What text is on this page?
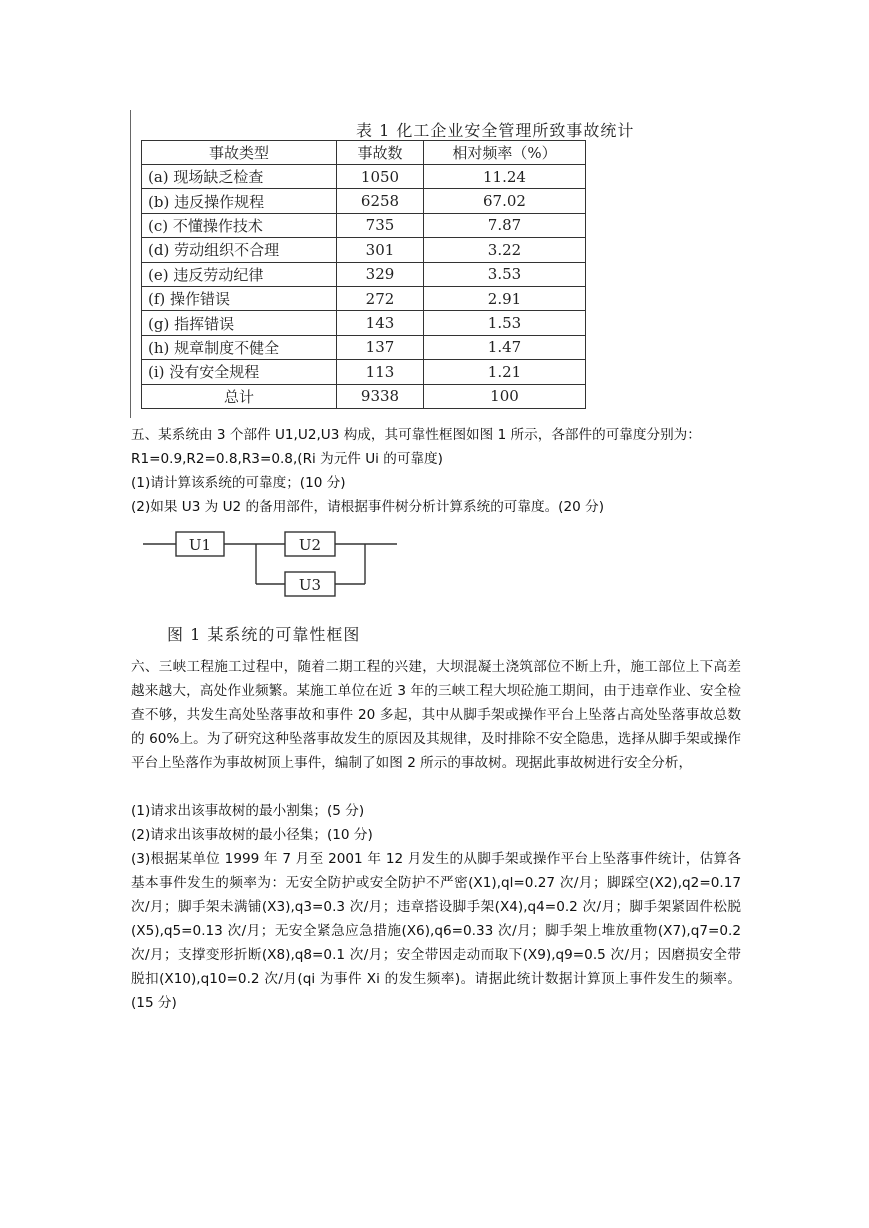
表 1 化工企业安全管理所致事故统计
事故类型	事故数	相对频率（%）
(a) 现场缺乏检查	1050	11.24
(b) 违反操作规程	6258	67.02
(c) 不懂操作技术	735	7.87
(d) 劳动组织不合理	301	3.22
(e) 违反劳动纪律	329	3.53
(f) 操作错误	272	2.91
(g) 指挥错误	143	1.53
(h) 规章制度不健全	137	1.47
(i) 没有安全规程	113	1.21
总计	9338	100
五、某系统由 3 个部件 U1,U2,U3 构成，其可靠性框图如图 1 所示，各部件的可靠度分别为：
R1=0.9,R2=0.8,R3=0.8,(Ri 为元件 Ui 的可靠度)
(1)请计算该系统的可靠度；(10 分)
(2)如果 U3 为 U2 的备用部件，请根据事件树分析计算系统的可靠度。(20 分)
U1	U2
U3
图 1 某系统的可靠性框图
六、三峡工程施工过程中，随着二期工程的兴建，大坝混凝土浇筑部位不断上升，施工部位上下高差越来越大，高处作业频繁。某施工单位在近 3 年的三峡工程大坝砼施工期间，由于违章作业、安全检查不够，共发生高处坠落事故和事件 20 多起，其中从脚手架或操作平台上坠落占高处坠落事故总数的 60%上。为了研究这种坠落事故发生的原因及其规律，及时排除不安全隐患，选择从脚手架或操作平台上坠落作为事故树顶上事件，编制了如图 2 所示的事故树。现据此事故树进行安全分析，
(1)请求出该事故树的最小割集；(5 分)
(2)请求出该事故树的最小径集；(10 分)
(3)根据某单位 1999 年 7 月至 2001 年 12 月发生的从脚手架或操作平台上坠落事件统计，估算各基本事件发生的频率为：无安全防护或安全防护不严密(X1),ql=0.27 次/月；脚踩空(X2),q2=0.17 次/月；脚手架未满铺(X3),q3=0.3 次/月；违章搭设脚手架(X4),q4=0.2 次/月；脚手架紧固件松脱(X5),q5=0.13 次/月；无安全紧急应急措施(X6),q6=0.33 次/月；脚手架上堆放重物(X7),q7=0.2 次/月；支撑变形折断(X8),q8=0.1 次/月；安全带因走动而取下(X9),q9=0.5 次/月；因磨损安全带脱扣(X10),q10=0.2 次/月(qi 为事件 Xi 的发生频率)。请据此统计数据计算顶上事件发生的频率。(15 分)
